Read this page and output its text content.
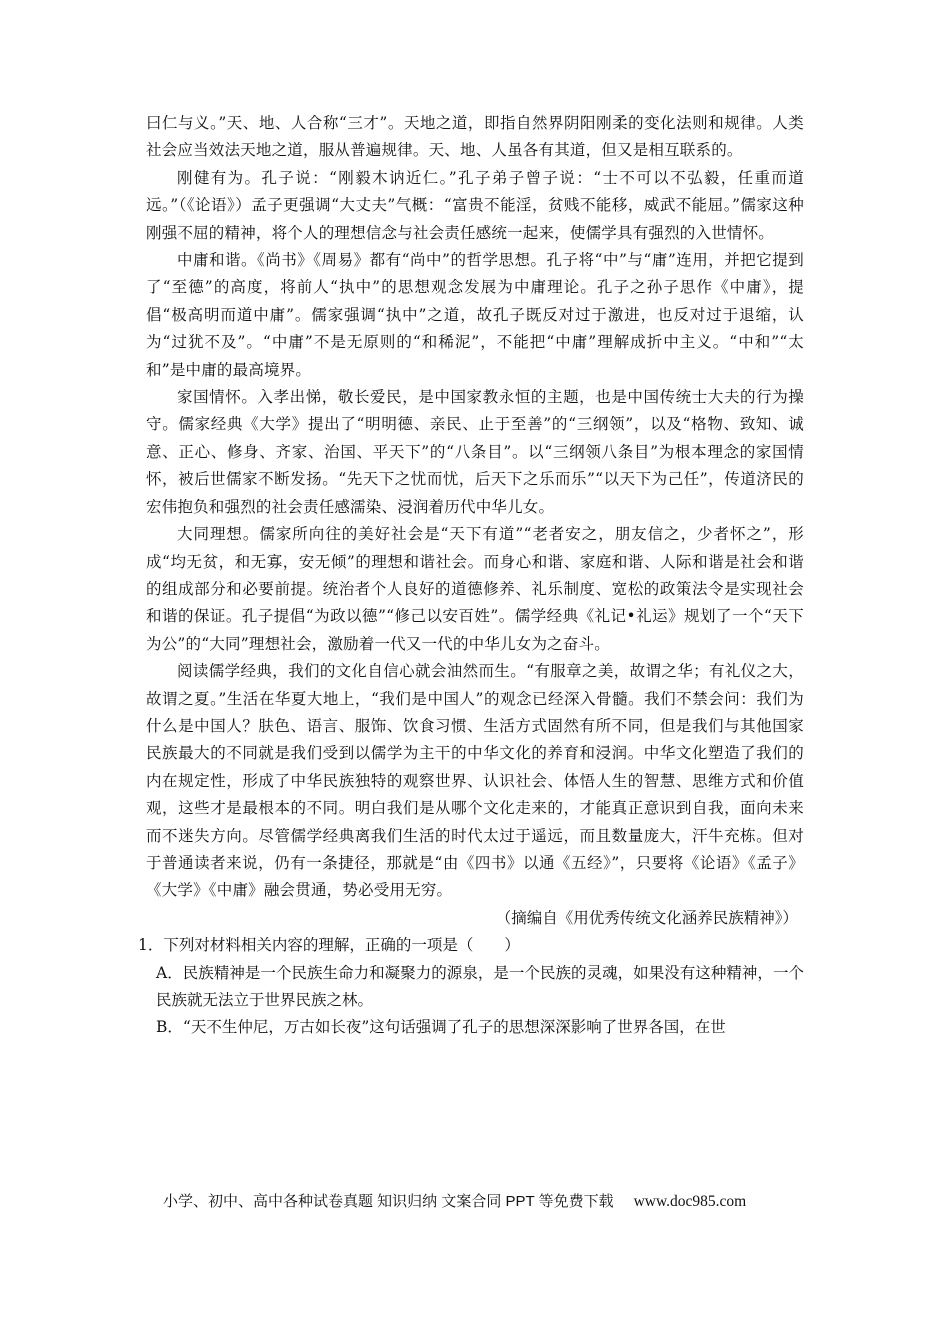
曰仁与义。”天、地、人合称“三才”。天地之道，即指自然界阴阳刚柔的变化法则和规律。人类社会应当效法天地之道，服从普遍规律。天、地、人虽各有其道，但又是相互联系的。

刚健有为。孔子说：“刚毅木讷近仁。”孔子弟子曾子说：“士不可以不弘毅，任重而道远。”（《论语》）孟子更强调“大丈夫”气概：“富贵不能淫，贫贱不能移，威武不能屈。”儒家这种刚强不屈的精神，将个人的理想信念与社会责任感统一起来，使儒学具有强烈的入世情怀。

中庸和谐。《尚书》《周易》都有“尚中”的哲学思想。孔子将“中”与“庸”连用，并把它提到了“至德”的高度，将前人“执中”的思想观念发展为中庸理论。孔子之孙子思作《中庸》，提倡“极高明而道中庸”。儒家强调“执中”之道，故孔子既反对过于激进，也反对过于退缩，认为“过犹不及”。“中庸”不是无原则的“和稀泥”，不能把“中庸”理解成折中主义。“中和”“太和”是中庸的最高境界。

家国情怀。入孝出悌，敬长爱民，是中国家教永恒的主题，也是中国传统士大夫的行为操守。儒家经典《大学》提出了“明明德、亲民、止于至善”的“三纲领”，以及“格物、致知、诚意、正心、修身、齐家、治国、平天下”的“八条目”。以“三纲领八条目”为根本理念的家国情怀，被后世儒家不断发扬。“先天下之忧而忧，后天下之乐而乐”“以天下为己任”，传道济民的宏伟抱负和强烈的社会责任感濡染、浸润着历代中华儿女。

大同理想。儒家所向往的美好社会是“天下有道”“老者安之，朋友信之，少者怀之”，形成“均无贫，和无寡，安无倾”的理想和谐社会。而身心和谐、家庭和谐、人际和谐是社会和谐的组成部分和必要前提。统治者个人良好的道德修养、礼乐制度、宽松的政策法令是实现社会和谐的保证。孔子提倡“为政以德”“修己以安百姓”。儒学经典《礼记•礼运》规划了一个“天下为公”的“大同”理想社会，激励着一代又一代的中华儿女为之奋斗。

阅读儒学经典，我们的文化自信心就会油然而生。“有服章之美，故谓之华；有礼仪之大，故谓之夏。”生活在华夏大地上，“我们是中国人”的观念已经深入骨髓。我们不禁会问：我们为什么是中国人？肤色、语言、服饰、饮食习惯、生活方式固然有所不同，但是我们与其他国家民族最大的不同就是我们受到以儒学为主干的中华文化的养育和浸润。中华文化塑造了我们的内在规定性，形成了中华民族独特的观察世界、认识社会、体悟人生的智慧、思维方式和价值观，这些才是最根本的不同。明白我们是从哪个文化走来的，才能真正意识到自我，面向未来而不迷失方向。尽管儒学经典离我们生活的时代太过于遥远，而且数量庞大，汗牛充栋。但对于普通读者来说，仍有一条捷径，那就是“由《四书》以通《五经》”，只要将《论语》《孟子》《大学》《中庸》融会贯通，势必受用无穷。

（摘编自《用优秀传统文化涵养民族精神》）

1．下列对材料相关内容的理解，正确的一项是（　　）

A．民族精神是一个民族生命力和凝聚力的源泉，是一个民族的灵魂，如果没有这种精神，一个民族就无法立于世界民族之林。

B．“天不生仲尼，万古如长夜”这句话强调了孔子的思想深深影响了世界各国，在世

小学、初中、高中各种试卷真题 知识归纳 文案合同 PPT 等免费下载 www.doc985.com
